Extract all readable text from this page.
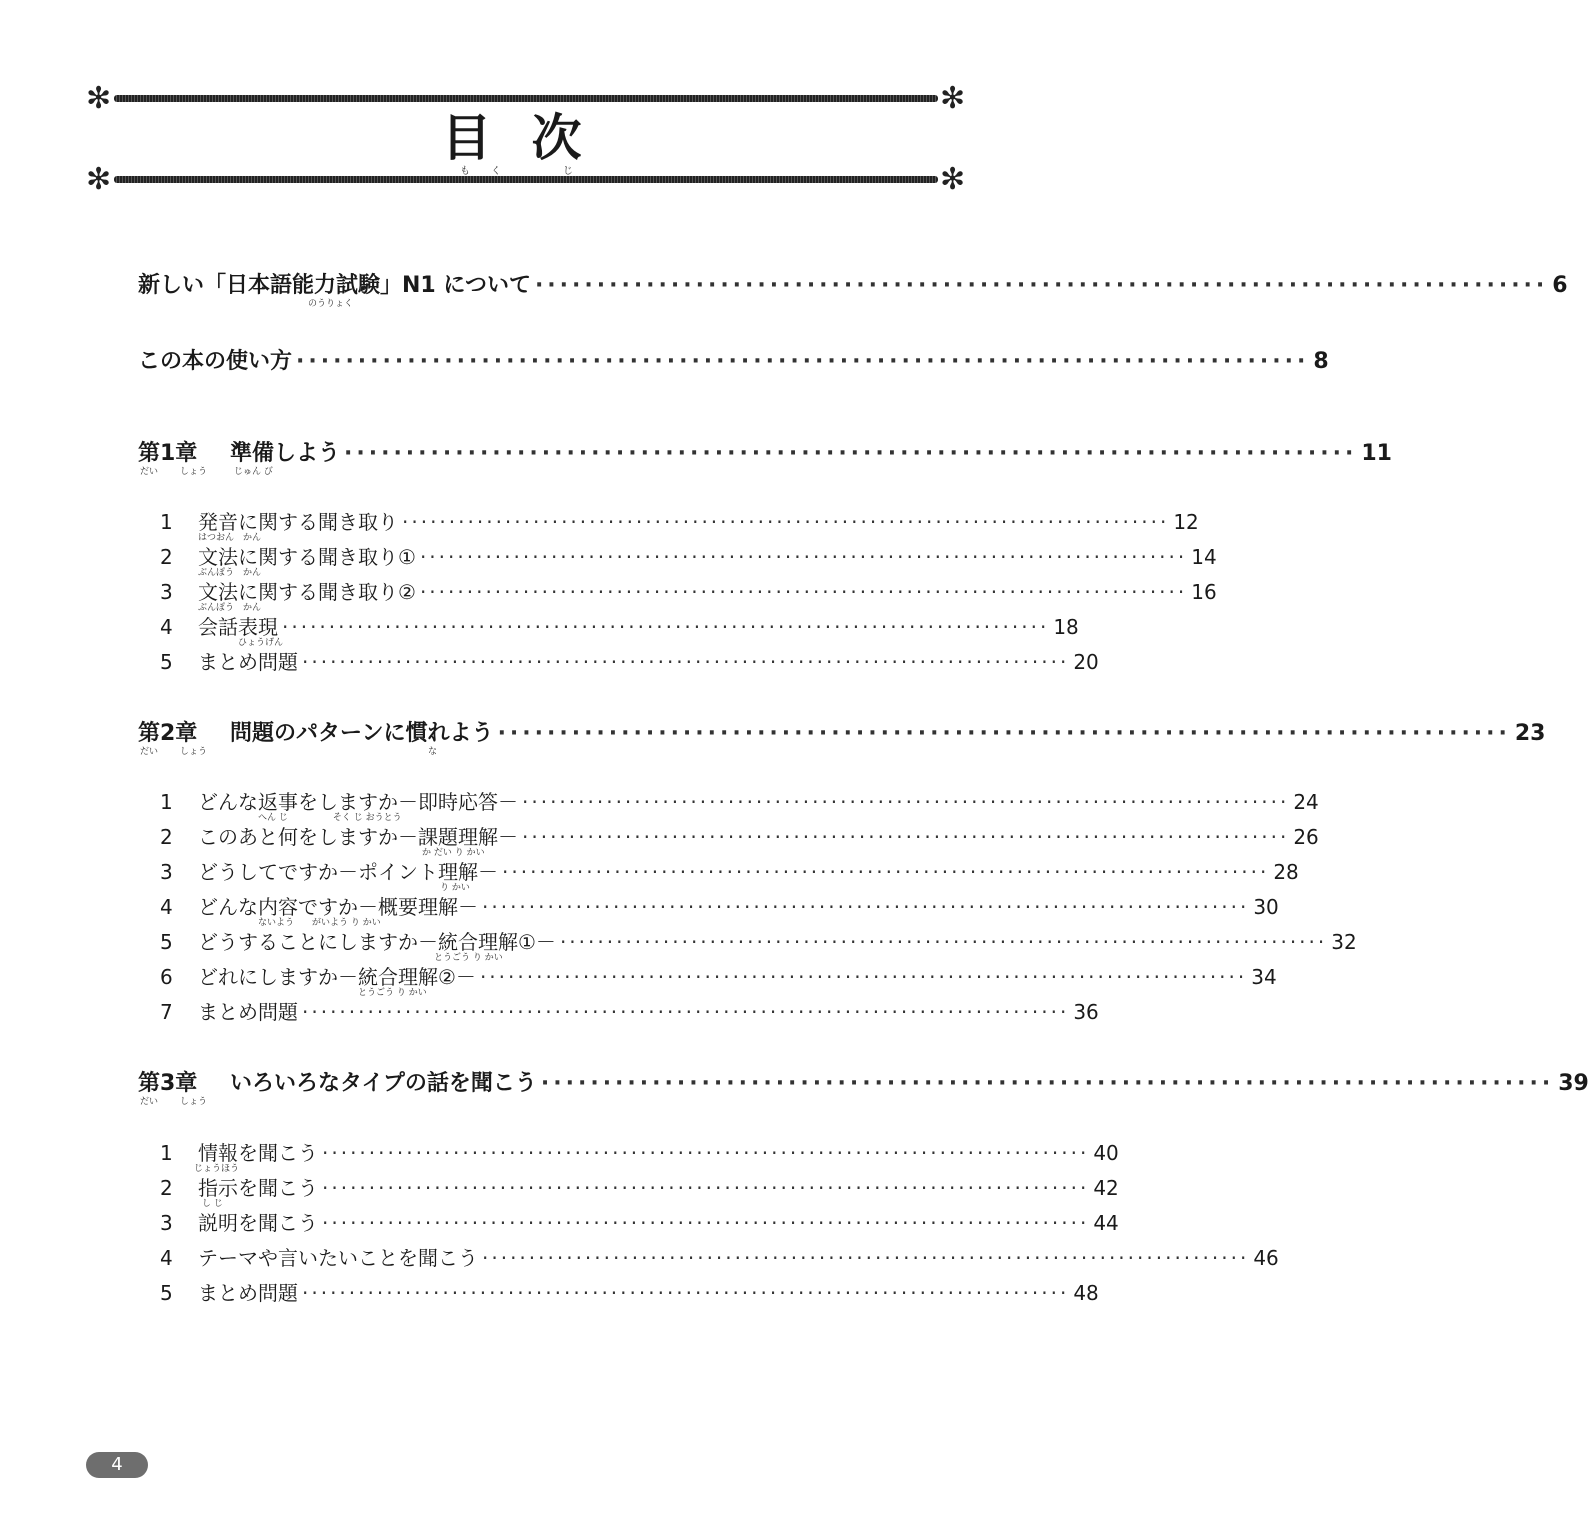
✻	✻
✻	✻
目次
も く	じ
新しい「日本語能力試験」N1 について ·················································································· 6
のうりょく
この本の使い方 ·················································································· 8
第1章	準備しよう ·················································································· 11
だい しょう	じゅん び
1	発音に関する聞き取り ·················································································· 12
はつおん　かん
2	文法に関する聞き取り① ·················································································· 14
ぶんぽう　かん
3	文法に関する聞き取り② ·················································································· 16
ぶんぽう　かん
4	会話表現 ·················································································· 18
ひょうげん
5	まとめ問題 ·················································································· 20
第2章	問題のパターンに慣れよう ·················································································· 23
だい しょう	な
1	どんな返事をしますか－即時応答－ ·················································································· 24
へん じ　　　　　そく じ おうとう
2	このあと何をしますか－課題理解－ ·················································································· 26
か だい り かい
3	どうしてですか－ポイント理解－ ·················································································· 28
り かい
4	どんな内容ですか－概要理解－ ·················································································· 30
ないよう　　がいよう り かい
5	どうすることにしますか－統合理解①－ ·················································································· 32
とうごう り かい
6	どれにしますか－統合理解②－ ·················································································· 34
とうごう り かい
7	まとめ問題 ·················································································· 36
第3章	いろいろなタイプの話を聞こう ·················································································· 39
だい しょう
1	情報を聞こう ·················································································· 40
じょうほう
2	指示を聞こう ·················································································· 42
し じ
3	説明を聞こう ·················································································· 44
4	テーマや言いたいことを聞こう ·················································································· 46
5	まとめ問題 ·················································································· 48
4
